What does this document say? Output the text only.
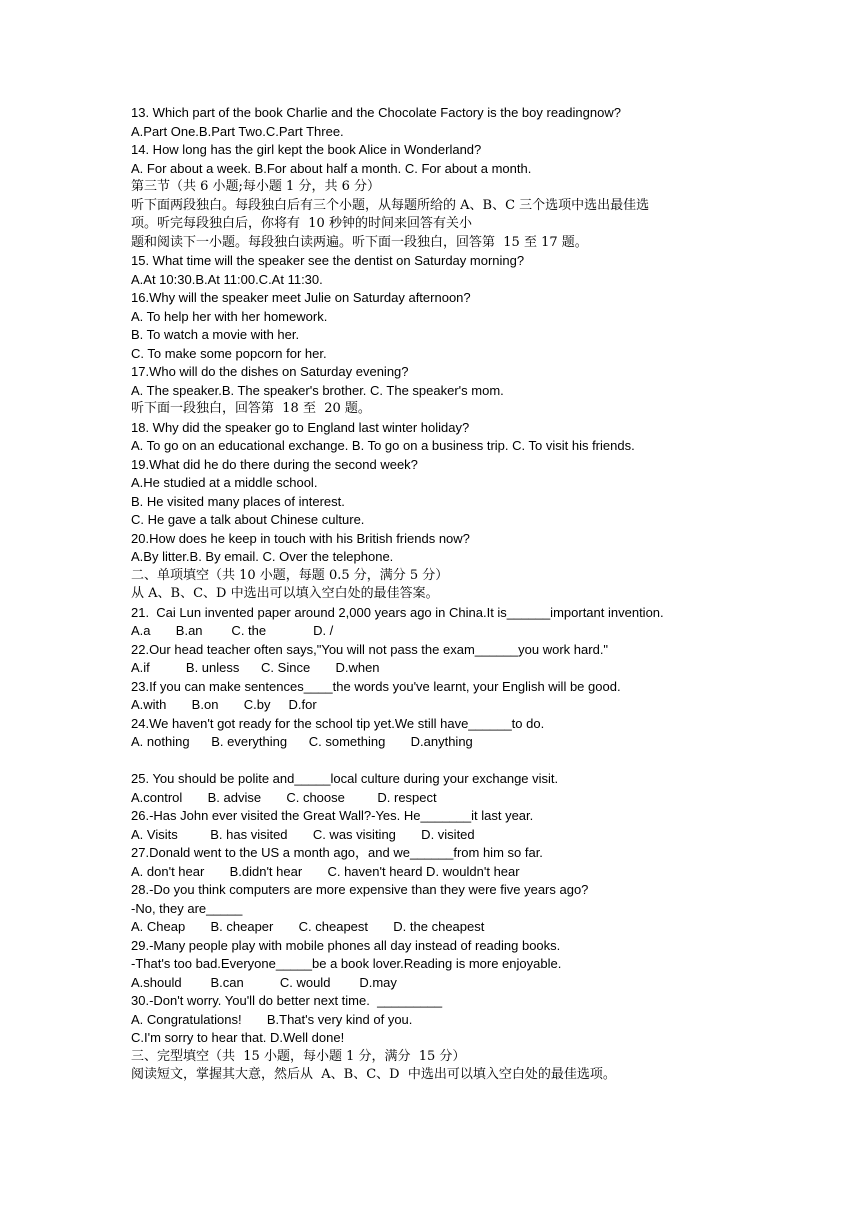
13. Which part of the book Charlie and the Chocolate Factory is the boy readingnow?
A.Part One.B.Part Two.C.Part Three.
14. How long has the girl kept the book Alice in Wonderland?
A. For about a week. B.For about half a month. C. For about a month.
第三节（共 6 小题;每小题 1 分，共 6 分）
听下面两段独白。每段独白后有三个小题，从每题所给的 A、B、C 三个选项中选出最佳选
项。听完每段独白后，你将有  10 秒钟的时间来回答有关小
题和阅读下一小题。每段独白读两遍。听下面一段独白，回答第  15 至 17 题。
15. What time will the speaker see the dentist on Saturday morning?
A.At 10:30.B.At 11:00.C.At 11:30.
16.Why will the speaker meet Julie on Saturday afternoon?
A. To help her with her homework.
B. To watch a movie with her.
C. To make some popcorn for her.
17.Who will do the dishes on Saturday evening?
A. The speaker.B. The speaker's brother. C. The speaker's mom.
听下面一段独白，回答第  18 至  20 题。
18. Why did the speaker go to England last winter holiday?
A. To go on an educational exchange. B. To go on a business trip. C. To visit his friends.
19.What did he do there during the second week?
A.He studied at a middle school.
B. He visited many places of interest.
C. He gave a talk about Chinese culture.
20.How does he keep in touch with his British friends now?
A.By litter.B. By email. C. Over the telephone.
二、单项填空（共 10 小题，每题 0.5 分，满分 5 分）
从 A、B、C、D 中选出可以填入空白处的最佳答案。
21.  Cai Lun invented paper around 2,000 years ago in China.It is______important invention.
A.a       B.an        C. the             D. /
22.Our head teacher often says,"You will not pass the exam______you work hard."
A.if          B. unless      C. Since       D.when
23.If you can make sentences____the words you've learnt, your English will be good.
A.with       B.on       C.by     D.for
24.We haven't got ready for the school tip yet.We still have______to do.
A. nothing      B. everything      C. something       D.anything
25. You should be polite and_____local culture during your exchange visit.
A.control       B. advise       C. choose         D. respect
26.-Has John ever visited the Great Wall?-Yes. He_______it last year.
A. Visits         B. has visited       C. was visiting       D. visited
27.Donald went to the US a month ago，and we______from him so far.
A. don't hear       B.didn't hear       C. haven't heard D. wouldn't hear
28.-Do you think computers are more expensive than they were five years ago?
-No, they are_____
A. Cheap       B. cheaper       C. cheapest       D. the cheapest
29.-Many people play with mobile phones all day instead of reading books.
-That's too bad.Everyone_____be a book lover.Reading is more enjoyable.
A.should        B.can          C. would        D.may
30.-Don't worry. You'll do better next time.  _________
A. Congratulations!       B.That's very kind of you.
C.I'm sorry to hear that. D.Well done!
三、完型填空（共  15 小题，每小题 1 分，满分  15 分）
阅读短文，掌握其大意，然后从  A、B、C、D  中选出可以填入空白处的最佳选项。
